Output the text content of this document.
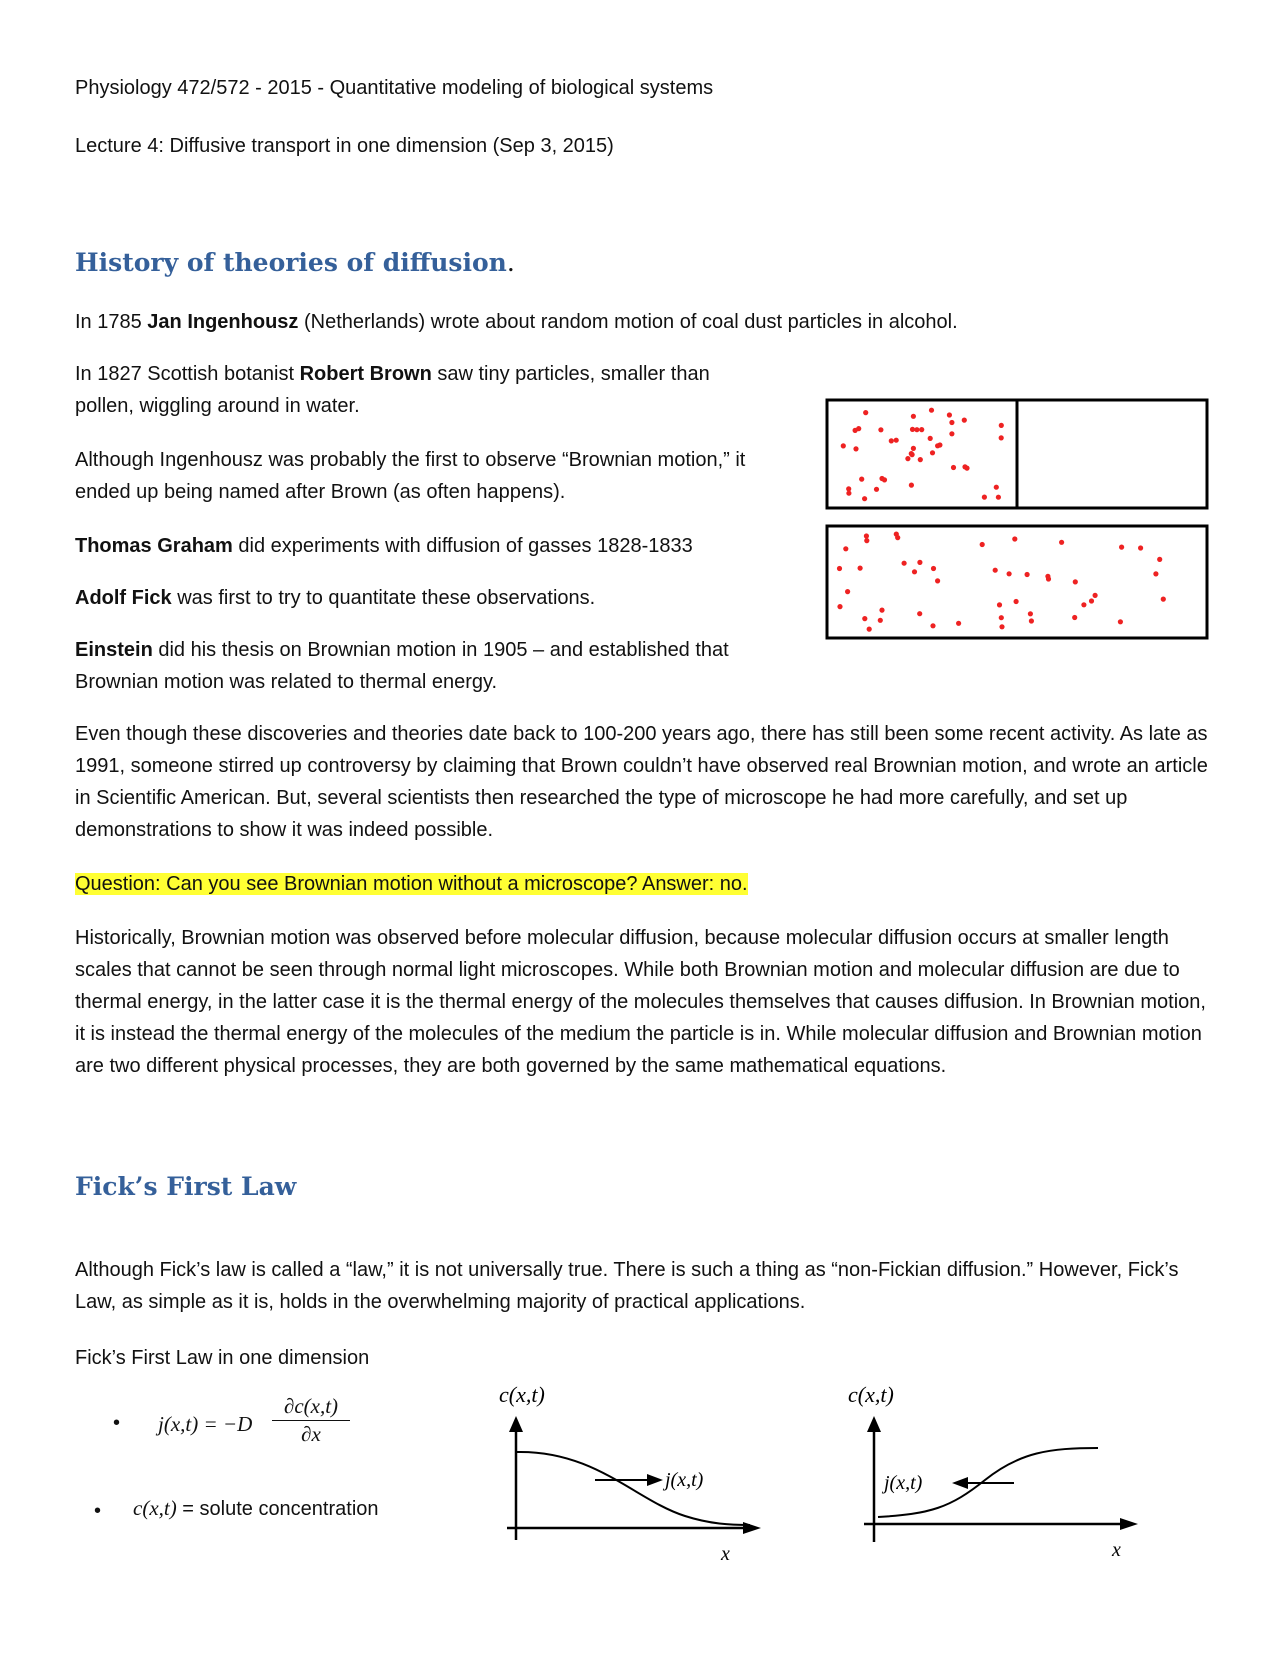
Physiology 472/572 - 2015 - Quantitative modeling of biological systems
Lecture 4: Diffusive transport in one dimension (Sep 3, 2015)
History of theories of diffusion.
In 1785 Jan Ingenhousz (Netherlands) wrote about random motion of coal dust particles in alcohol.
In 1827 Scottish botanist Robert Brown saw tiny particles, smaller than
pollen, wiggling around in water.
Although Ingenhousz was probably the first to observe “Brownian motion,” it
ended up being named after Brown (as often happens).
Thomas Graham did experiments with diffusion of gasses 1828-1833
Adolf Fick was first to try to quantitate these observations.
Einstein did his thesis on Brownian motion in 1905 – and established that
Brownian motion was related to thermal energy.

Even though these discoveries and theories date back to 100-200 years ago, there has still been some recent activity. As late as 1991, someone stirred up controversy by claiming that Brown couldn’t have observed real Brownian motion, and wrote an article in Scientific American. But, several scientists then researched the type of microscope he had more carefully, and set up demonstrations to show it was indeed possible.

Question: Can you see Brownian motion without a microscope? Answer: no.

Historically, Brownian motion was observed before molecular diffusion, because molecular diffusion occurs at smaller length scales that cannot be seen through normal light microscopes. While both Brownian motion and molecular diffusion are due to thermal energy, in the latter case it is the thermal energy of the molecules themselves that causes diffusion. In Brownian motion, it is instead the thermal energy of the molecules of the medium the particle is in. While molecular diffusion and Brownian motion are two different physical processes, they are both governed by the same mathematical equations.

Fick’s First Law

Although Fick’s law is called a “law,” it is not universally true. There is such a thing as “non-Fickian diffusion.” However, Fick’s Law, as simple as it is, holds in the overwhelming majority of practical applications.

Fick’s First Law in one dimension
• $j(x,t) = -D \frac{\partial c(x,t)}{\partial x}$
• c(x,t) = solute concentration
c(x,t)
j(x,t)
x
c(x,t)
j(x,t)
x
